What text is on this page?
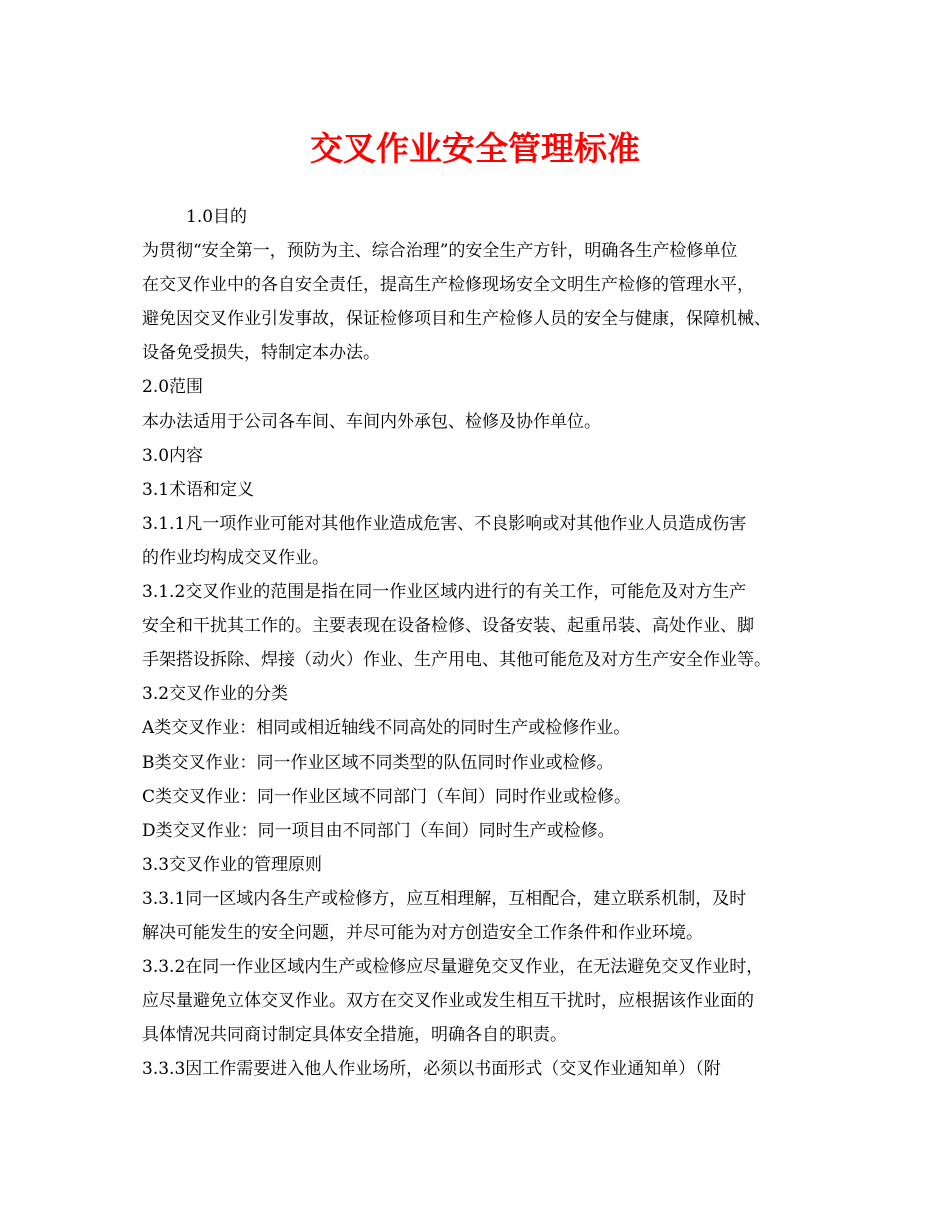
交叉作业安全管理标准

1.0目的

为贯彻“安全第一，预防为主、综合治理”的安全生产方针，明确各生产检修单位

在交叉作业中的各自安全责任，提高生产检修现场安全文明生产检修的管理水平，

避免因交叉作业引发事故，保证检修项目和生产检修人员的安全与健康，保障机械、

设备免受损失，特制定本办法。

2.0范围

本办法适用于公司各车间、车间内外承包、检修及协作单位。

3.0内容

3.1术语和定义

3.1.1凡一项作业可能对其他作业造成危害、不良影响或对其他作业人员造成伤害

的作业均构成交叉作业。

3.1.2交叉作业的范围是指在同一作业区域内进行的有关工作，可能危及对方生产

安全和干扰其工作的。主要表现在设备检修、设备安装、起重吊装、高处作业、脚

手架搭设拆除、焊接（动火）作业、生产用电、其他可能危及对方生产安全作业等。

3.2交叉作业的分类

A类交叉作业：相同或相近轴线不同高处的同时生产或检修作业。

B类交叉作业：同一作业区域不同类型的队伍同时作业或检修。

C类交叉作业：同一作业区域不同部门（车间）同时作业或检修。

D类交叉作业：同一项目由不同部门（车间）同时生产或检修。

3.3交叉作业的管理原则

3.3.1同一区域内各生产或检修方，应互相理解，互相配合，建立联系机制，及时

解决可能发生的安全问题，并尽可能为对方创造安全工作条件和作业环境。

3.3.2在同一作业区域内生产或检修应尽量避免交叉作业，在无法避免交叉作业时，

应尽量避免立体交叉作业。双方在交叉作业或发生相互干扰时，应根据该作业面的

具体情况共同商讨制定具体安全措施，明确各自的职责。

3.3.3因工作需要进入他人作业场所，必须以书面形式（交叉作业通知单）（附
